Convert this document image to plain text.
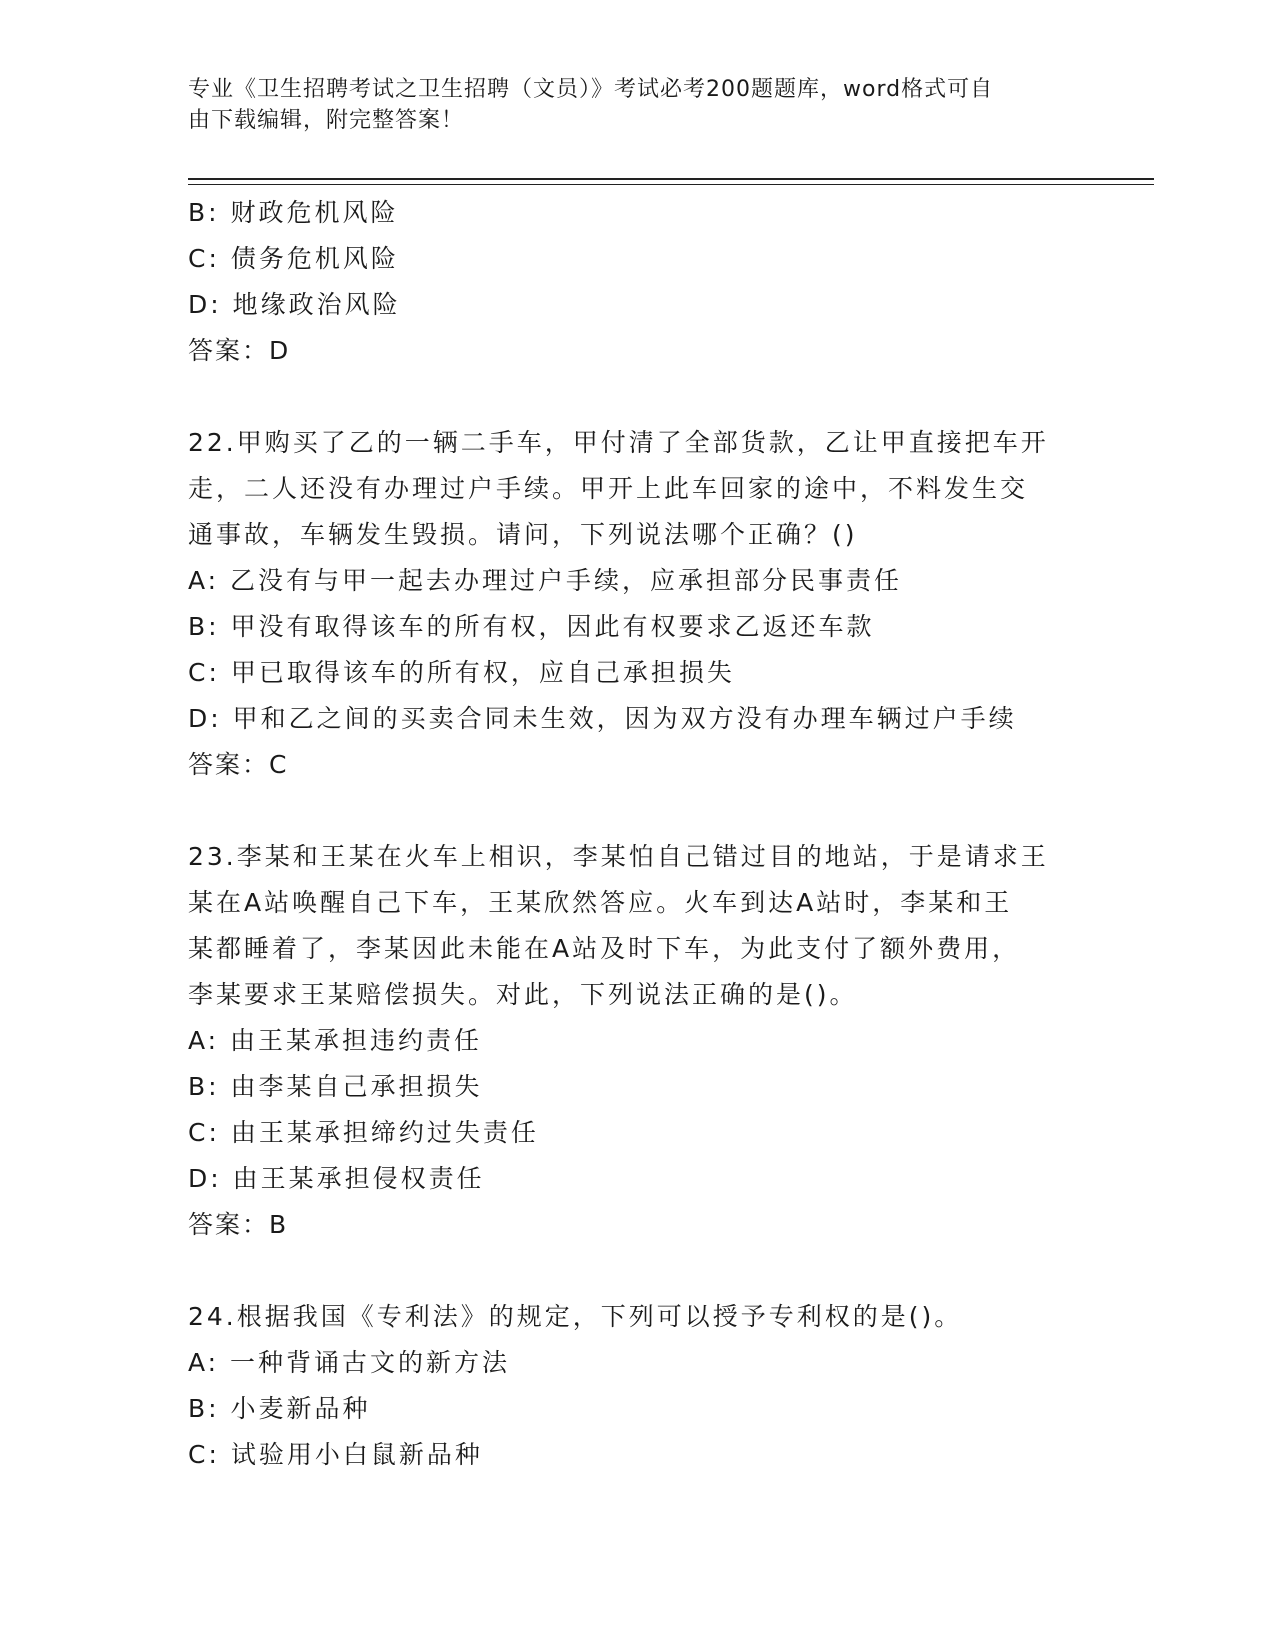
专业《卫生招聘考试之卫生招聘（文员）》考试必考200题题库，word格式可自
由下载编辑，附完整答案！
B: 财政危机风险
C: 债务危机风险
D: 地缘政治风险
答案：D
22.甲购买了乙的一辆二手车，甲付清了全部货款，乙让甲直接把车开
走，二人还没有办理过户手续。甲开上此车回家的途中，不料发生交
通事故，车辆发生毁损。请问，下列说法哪个正确？()
A: 乙没有与甲一起去办理过户手续，应承担部分民事责任
B: 甲没有取得该车的所有权，因此有权要求乙返还车款
C: 甲已取得该车的所有权，应自己承担损失
D: 甲和乙之间的买卖合同未生效，因为双方没有办理车辆过户手续
答案：C
23.李某和王某在火车上相识，李某怕自己错过目的地站，于是请求王
某在A站唤醒自己下车，王某欣然答应。火车到达A站时，李某和王
某都睡着了，李某因此未能在A站及时下车，为此支付了额外费用，
李某要求王某赔偿损失。对此，下列说法正确的是()。
A: 由王某承担违约责任
B: 由李某自己承担损失
C: 由王某承担缔约过失责任
D: 由王某承担侵权责任
答案：B
24.根据我国《专利法》的规定，下列可以授予专利权的是()。
A: 一种背诵古文的新方法
B: 小麦新品种
C: 试验用小白鼠新品种
